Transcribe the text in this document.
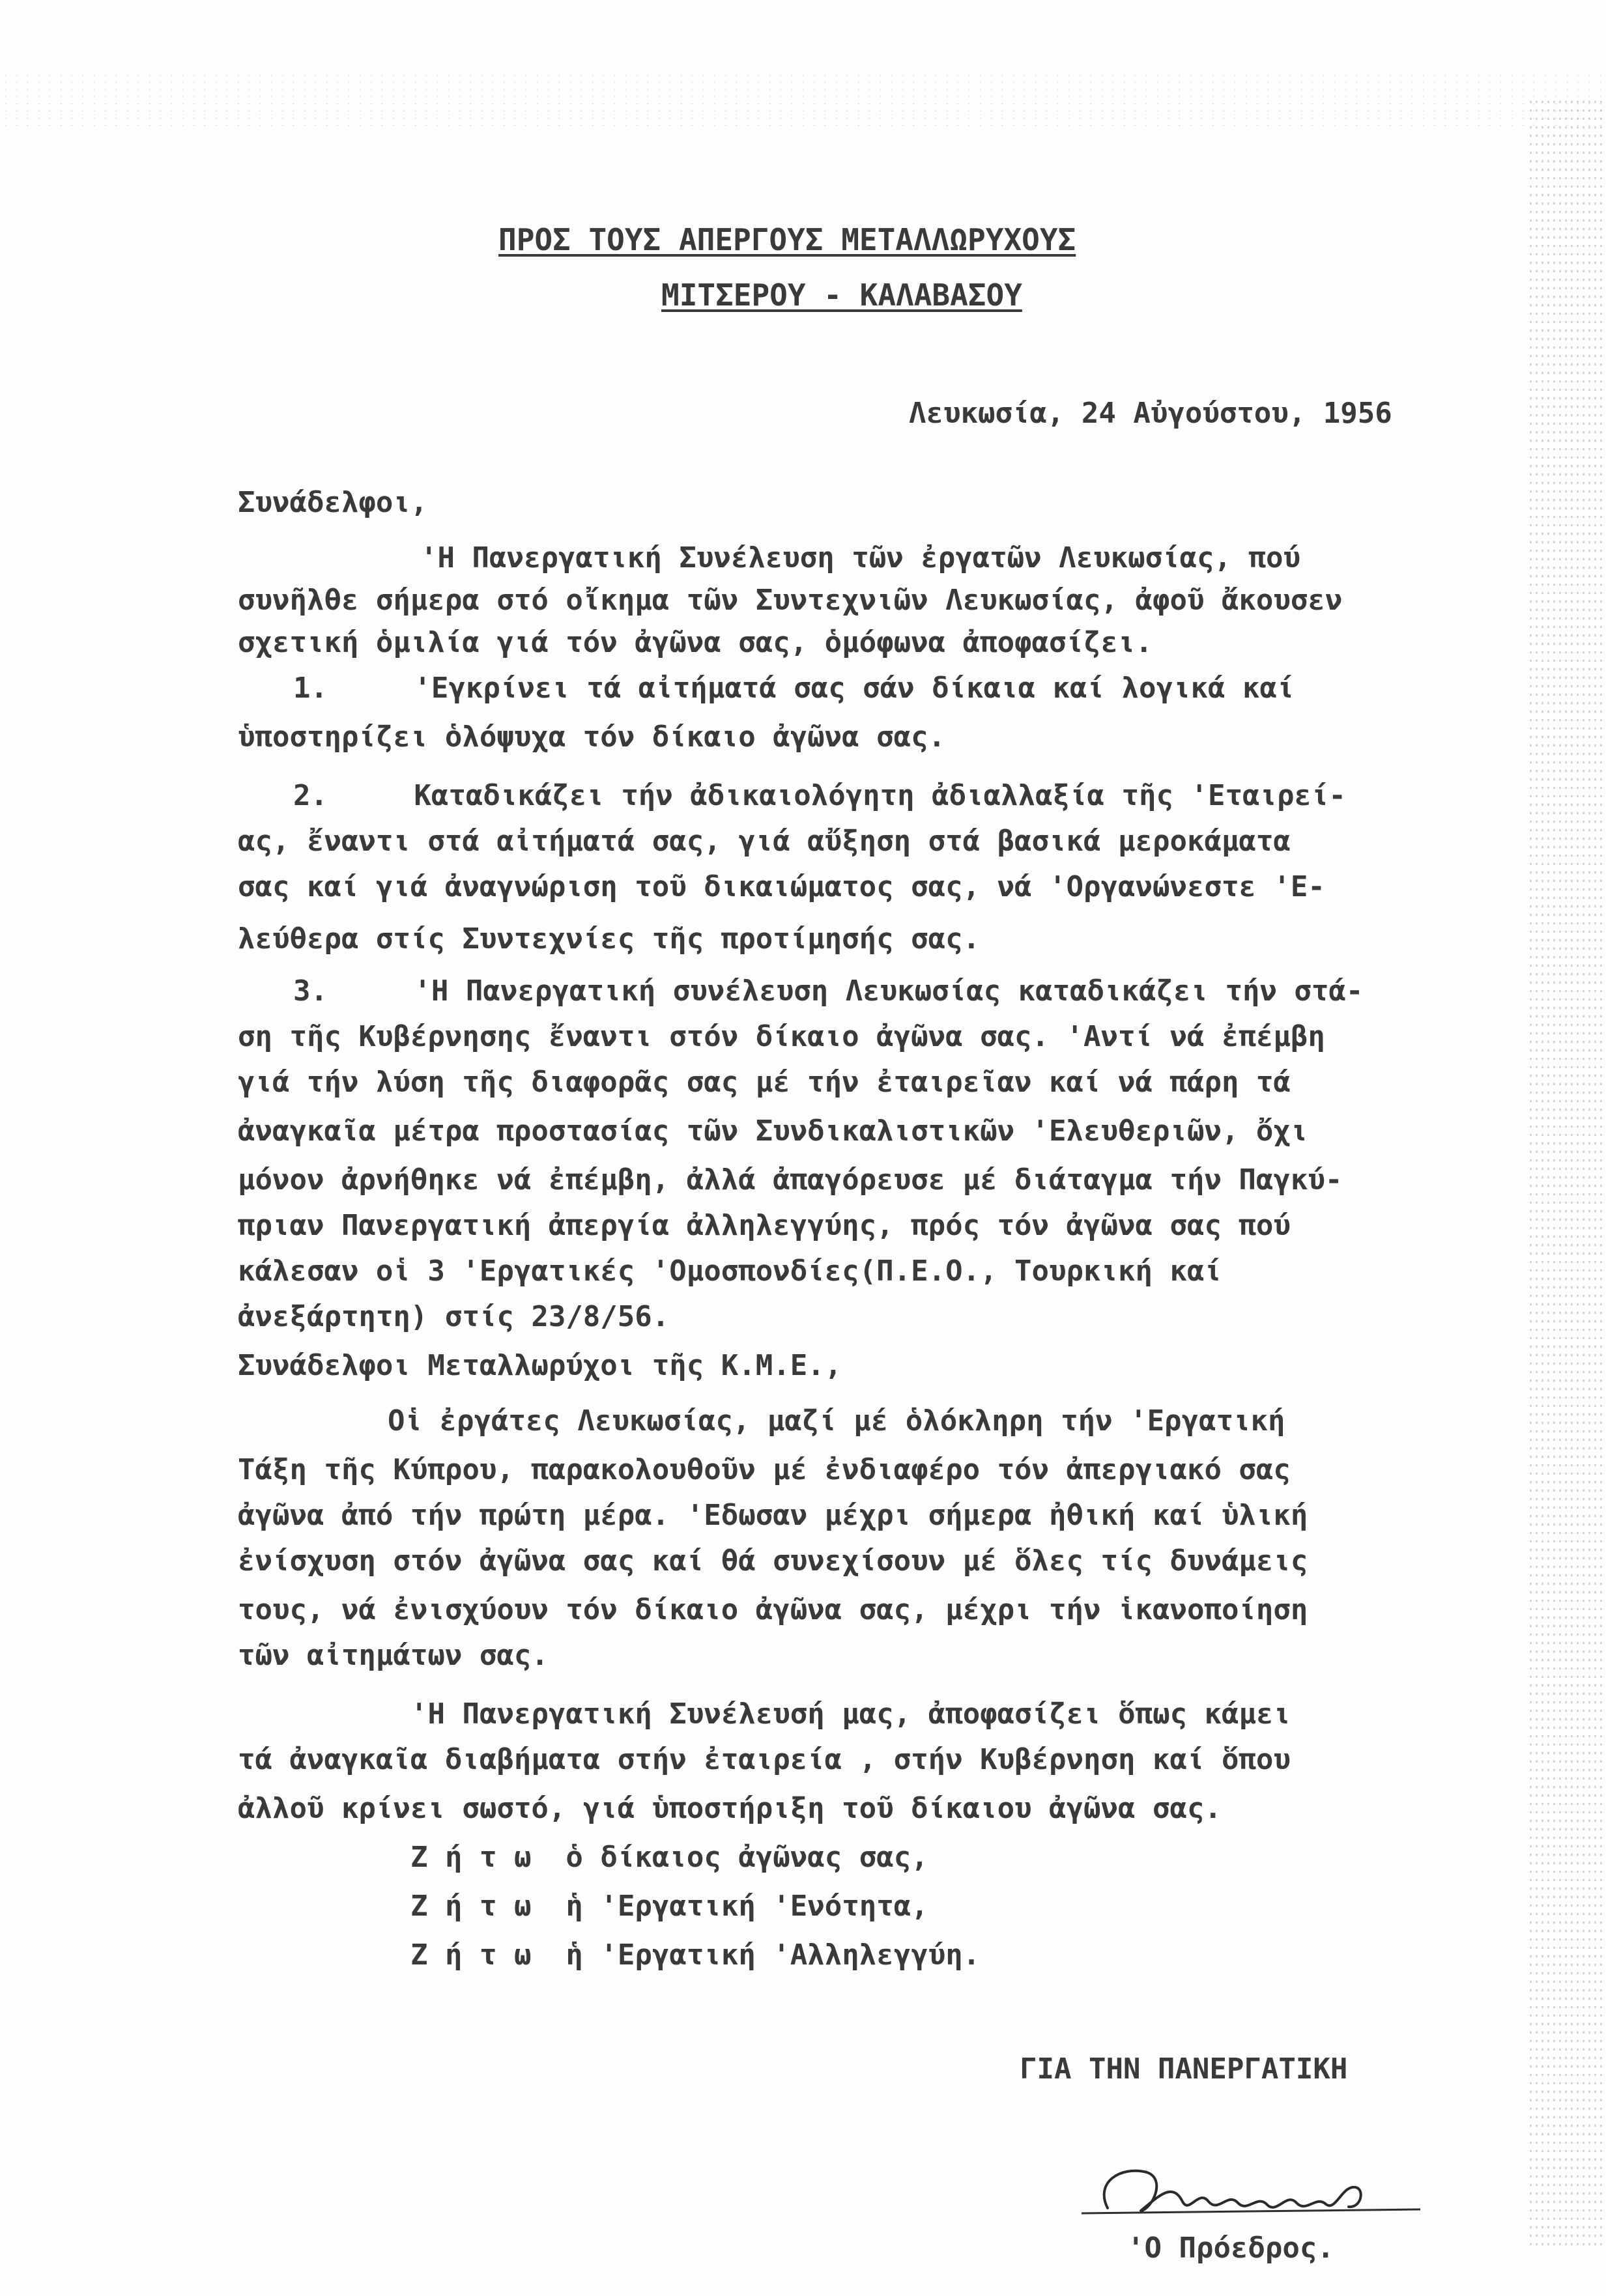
ΠΡΟΣ ΤΟΥΣ ΑΠΕΡΓΟΥΣ ΜΕΤΑΛΛΩΡΥΧΟΥΣ
ΜΙΤΣΕΡΟΥ - ΚΑΛΑΒΑΣΟΥ
Λευκωσία, 24 Αὐγούστου, 1956
Συνάδελφοι,
'Η Πανεργατική Συνέλευση τῶν ἐργατῶν Λευκωσίας, πού
συνῆλθε σήμερα στό οἴκημα τῶν Συντεχνιῶν Λευκωσίας, ἀφοῦ ἄκουσεν
σχετική ὁμιλία γιά τόν ἀγῶνα σας, ὁμόφωνα ἀποφασίζει.
1.     'Εγκρίνει τά αἰτήματά σας σάν δίκαια καί λογικά καί
ὑποστηρίζει ὁλόψυχα τόν δίκαιο ἀγῶνα σας.
2.     Καταδικάζει τήν ἀδικαιολόγητη ἀδιαλλαξία τῆς 'Εταιρεί-
ας, ἔναντι στά αἰτήματά σας, γιά αὔξηση στά βασικά μεροκάματα
σας καί γιά ἀναγνώριση τοῦ δικαιώματος σας, νά 'Οργανώνεστε 'Ε-
λεύθερα στίς Συντεχνίες τῆς προτίμησής σας.
3.     'Η Πανεργατική συνέλευση Λευκωσίας καταδικάζει τήν στά-
ση τῆς Κυβέρνησης ἔναντι στόν δίκαιο ἀγῶνα σας. 'Αντί νά ἐπέμβη
γιά τήν λύση τῆς διαφορᾶς σας μέ τήν ἐταιρεῖαν καί νά πάρη τά
ἀναγκαῖα μέτρα προστασίας τῶν Συνδικαλιστικῶν 'Ελευθεριῶν, ὄχι
μόνον ἀρνήθηκε νά ἐπέμβη, ἀλλά ἀπαγόρευσε μέ διάταγμα τήν Παγκύ-
πριαν Πανεργατική ἀπεργία ἀλληλεγγύης, πρός τόν ἀγῶνα σας πού
κάλεσαν οἱ 3 'Εργατικές 'Ομοσπονδίες(Π.Ε.Ο., Τουρκική καί
ἀνεξάρτητη) στίς 23/8/56.
Συνάδελφοι Μεταλλωρύχοι τῆς Κ.Μ.Ε.,
Οἱ ἐργάτες Λευκωσίας, μαζί μέ ὁλόκληρη τήν 'Εργατική
Τάξη τῆς Κύπρου, παρακολουθοῦν μέ ἐνδιαφέρο τόν ἀπεργιακό σας
ἀγῶνα ἀπό τήν πρώτη μέρα. 'Εδωσαν μέχρι σήμερα ἠθική καί ὑλική
ἐνίσχυση στόν ἀγῶνα σας καί θά συνεχίσουν μέ ὅλες τίς δυνάμεις
τους, νά ἐνισχύουν τόν δίκαιο ἀγῶνα σας, μέχρι τήν ἱκανοποίηση
τῶν αἰτημάτων σας.
'Η Πανεργατική Συνέλευσή μας, ἀποφασίζει ὅπως κάμει
τά ἀναγκαῖα διαβήματα στήν ἐταιρεία , στήν Κυβέρνηση καί ὅπου
ἀλλοῦ κρίνει σωστό, γιά ὑποστήριξη τοῦ δίκαιου ἀγῶνα σας.
Ζ ή τ ω  ὁ δίκαιος ἀγῶνας σας,
Ζ ή τ ω  ἡ 'Εργατική 'Ενότητα,
Ζ ή τ ω  ἡ 'Εργατική 'Αλληλεγγύη.
ΓΙΑ ΤΗΝ ΠΑΝΕΡΓΑΤΙΚΗ
'Ο Πρόεδρος.
